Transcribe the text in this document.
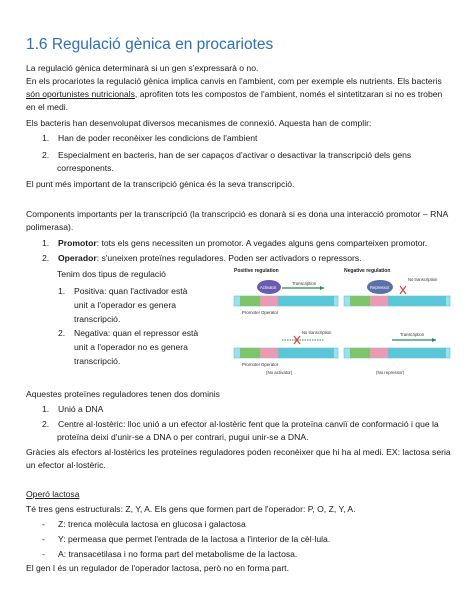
1.6 Regulació gènica en procariotes
La regulació gènica determinarà si un gen s'expressarà o no.
En els procariotes la regulació gènica implica canvis en l'ambient, com per exemple els nutrients. Els bacteris
són oportunistes nutricionals, aprofiten tots les compostos de l'ambient, només el sintetitzaran si no es troben
en el medi.
Els bacteris han desenvolupat diversos mecanismes de connexió. Aquesta han de complir:
1. Han de poder reconèixer les condicions de l'ambient
2. Especialment en bacteris, han de ser capaços d'activar o desactivar la transcripció dels gens
corresponents.
El punt més important de la transcripció gènica és la seva transcripció.
Components importants per la transcripció (la transcripció es donarà si es dona una interacció promotor – RNA
polimerasa).
1. Promotor: tots els gens necessiten un promotor. A vegades alguns gens comparteixen promotor.
2. Operador: s'uneixen proteïnes reguladores. Poden ser activadors o repressors.
Tenim dos tipus de regulació
1. Positiva: quan l'activador està
unit a l'operador es genera
transcripció.
2. Negativa: quan el repressor està
unit a l'operador no es genera
transcripció.
Positive regulation	Negative regulation
Promoter Operator
Activator
Transcription
Promoter Operator
No transcription
(No activator)
Repressor
No transcription
Transcription
(No repressor)
Aquestes proteïnes reguladores tenen dos dominis
1. Unió a DNA
2. Centre al·lostèric: lloc unió a un efector al·lostèric fent que la proteïna canviï de conformació i que la
proteïna deixi d'unir-se a DNA o per contrari, pugui unir-se a DNA.
Gràcies als efectors al·lostèrics les proteïnes reguladores poden reconèixer que hi ha al medi. EX: lactosa seria
un efector al·lostèric.
Operó lactosa
Té tres gens estructurals: Z, Y, A. Els gens que formen part de l'operador: P, O, Z, Y, A.
- Z: trenca molècula lactosa en glucosa i galactosa
- Y: permeasa que permet l'entrada de la lactosa a l'interior de la cèl·lula.
- A: transacetilasa i no forma part del metabolisme de la lactosa.
El gen I és un regulador de l'operador lactosa, però no en forma part.
